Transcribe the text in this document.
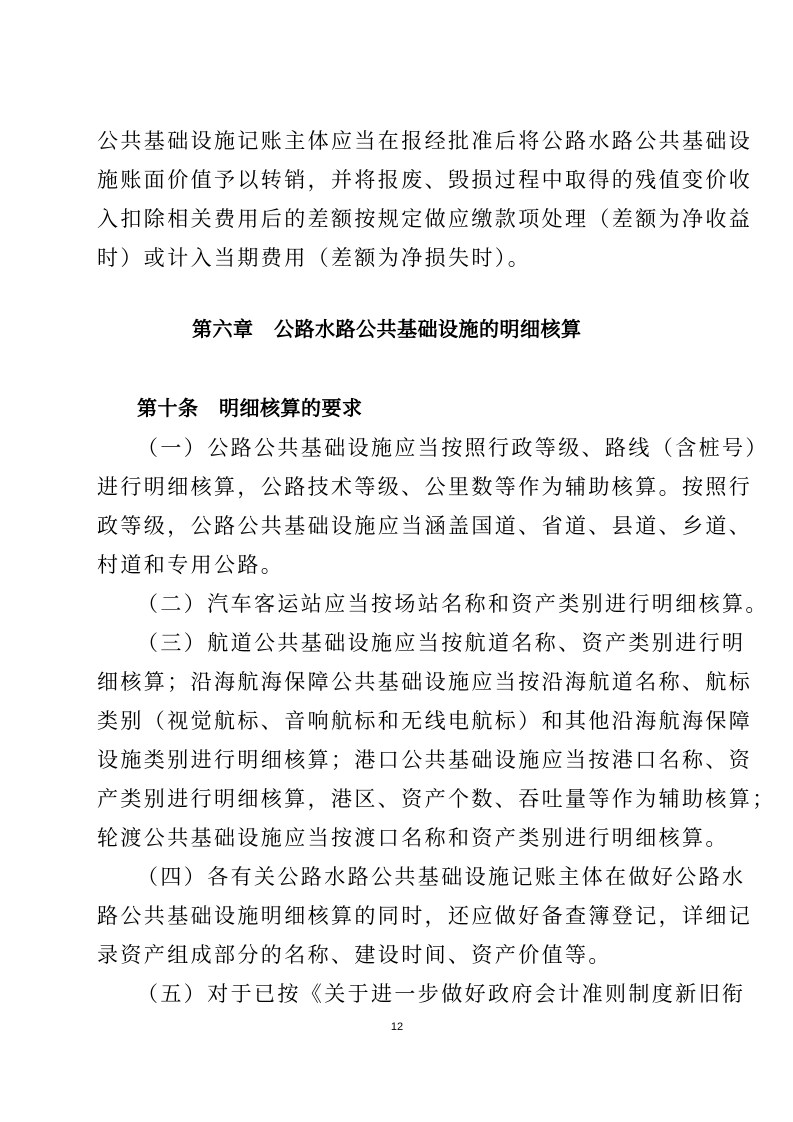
公共基础设施记账主体应当在报经批准后将公路水路公共基础设
施账面价值予以转销，并将报废、毁损过程中取得的残值变价收
入扣除相关费用后的差额按规定做应缴款项处理（差额为净收益
时）或计入当期费用（差额为净损失时）。
第六章　公路水路公共基础设施的明细核算
第十条　明细核算的要求
（一）公路公共基础设施应当按照行政等级、路线（含桩号）
进行明细核算，公路技术等级、公里数等作为辅助核算。按照行
政等级，公路公共基础设施应当涵盖国道、省道、县道、乡道、
村道和专用公路。
（二）汽车客运站应当按场站名称和资产类别进行明细核算。
（三）航道公共基础设施应当按航道名称、资产类别进行明
细核算；沿海航海保障公共基础设施应当按沿海航道名称、航标
类别（视觉航标、音响航标和无线电航标）和其他沿海航海保障
设施类别进行明细核算；港口公共基础设施应当按港口名称、资
产类别进行明细核算，港区、资产个数、吞吐量等作为辅助核算；
轮渡公共基础设施应当按渡口名称和资产类别进行明细核算。
（四）各有关公路水路公共基础设施记账主体在做好公路水
路公共基础设施明细核算的同时，还应做好备查簿登记，详细记
录资产组成部分的名称、建设时间、资产价值等。
（五）对于已按《关于进一步做好政府会计准则制度新旧衔
12
